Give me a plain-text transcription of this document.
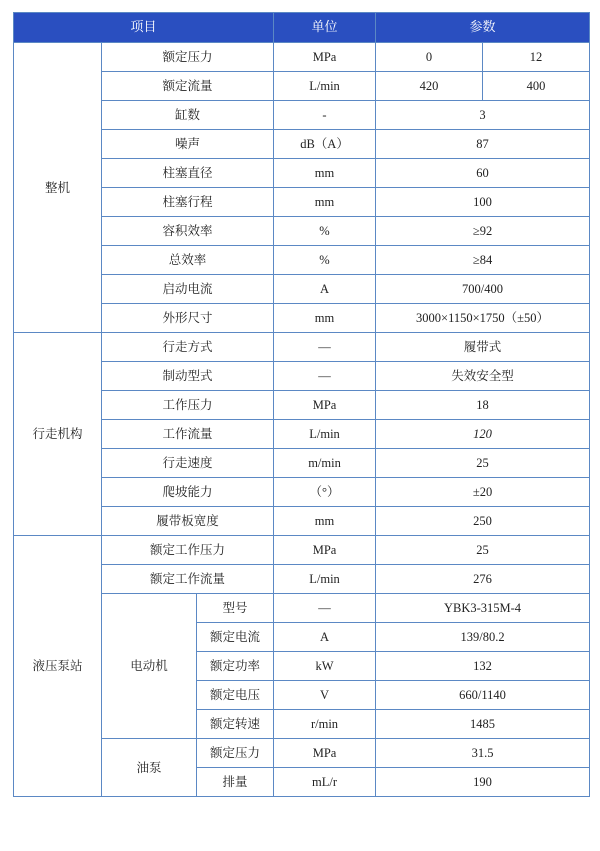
项目			单位	参数	
整机	额定压力		MPa	0	12
	额定流量		L/min	420	400
	缸数		-	3	
	噪声		dB（A）	87	
	柱塞直径		mm	60	
	柱塞行程		mm	100	
	容积效率		%	≥92	
	总效率		%	≥84	
	启动电流		A	700/400	
	外形尺寸		mm	3000×1150×1750（±50）	
行走机构	行走方式		—	履带式	
	制动型式		—	失效安全型	
	工作压力		MPa	18	
	工作流量		L/min	120	
	行走速度		m/min	25	
	爬坡能力		（°）	±20	
	履带板宽度		mm	250	
液压泵站	额定工作压力		MPa	25	
	额定工作流量		L/min	276	
	电动机	型号	—	YBK3-315M-4	
		额定电流	A	139/80.2	
		额定功率	kW	132	
		额定电压	V	660/1140	
		额定转速	r/min	1485	
	油泵	额定压力	MPa	31.5	
		排量	mL/r	190	
